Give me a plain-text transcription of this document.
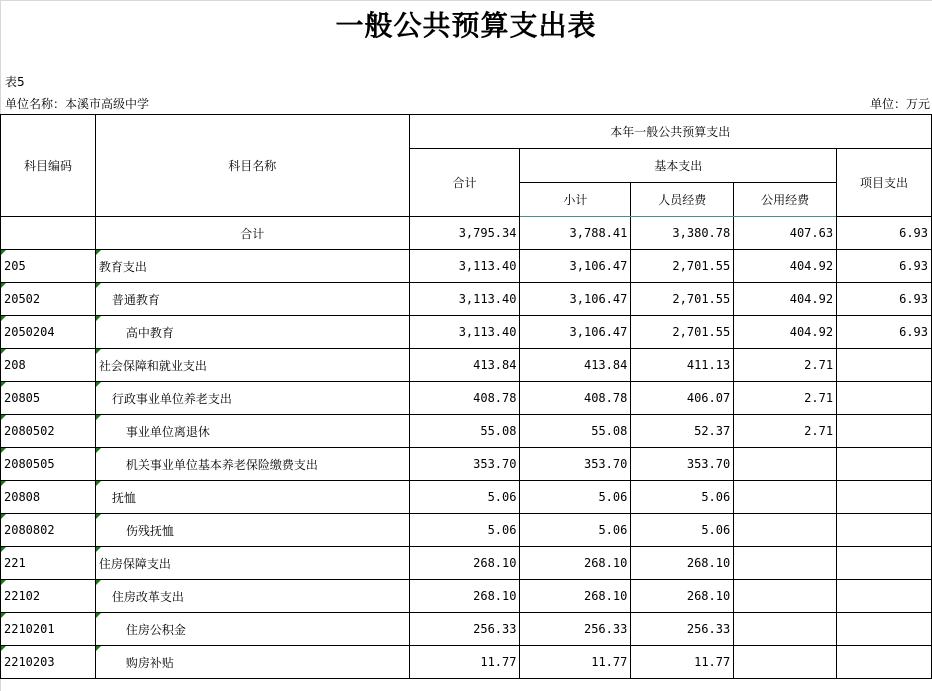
一般公共预算支出表
表5
单位名称：本溪市高级中学	单位：万元
科目编码	科目名称	本年一般公共预算支出				
		合计	基本支出			项目支出
			小计	人员经费	公用经费	
	合计	3,795.34	3,788.41	3,380.78	407.63	6.93
205	教育支出	3,113.40	3,106.47	2,701.55	404.92	6.93
20502	普通教育	3,113.40	3,106.47	2,701.55	404.92	6.93
2050204	高中教育	3,113.40	3,106.47	2,701.55	404.92	6.93
208	社会保障和就业支出	413.84	413.84	411.13	2.71	
20805	行政事业单位养老支出	408.78	408.78	406.07	2.71	
2080502	事业单位离退休	55.08	55.08	52.37	2.71	
2080505	机关事业单位基本养老保险缴费支出	353.70	353.70	353.70		
20808	抚恤	5.06	5.06	5.06		
2080802	伤残抚恤	5.06	5.06	5.06		
221	住房保障支出	268.10	268.10	268.10		
22102	住房改革支出	268.10	268.10	268.10		
2210201	住房公积金	256.33	256.33	256.33		
2210203	购房补贴	11.77	11.77	11.77		
